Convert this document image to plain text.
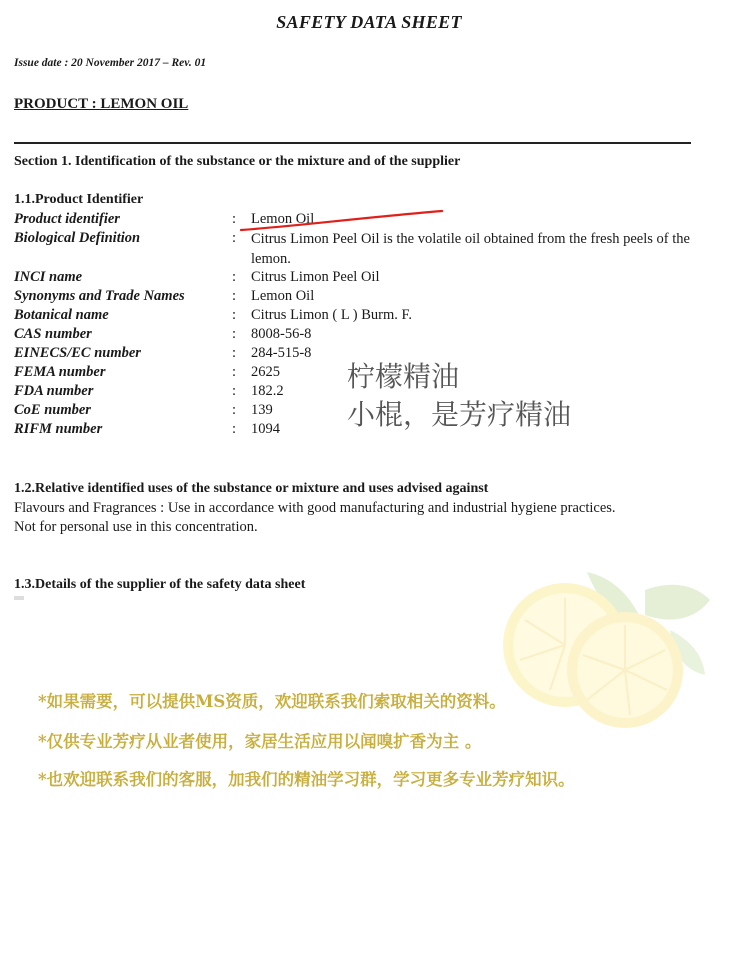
SAFETY DATA SHEET
Issue date : 20 November 2017 – Rev. 01
PRODUCT : LEMON OIL
Section 1. Identification of the substance or the mixture and of the supplier
1.1.Product Identifier
Product identifier	: Lemon Oil
Biological Definition	: Citrus Limon Peel Oil is the volatile oil obtained from the fresh peels of the lemon.
INCI name	: Citrus Limon Peel Oil
Synonyms and Trade Names	: Lemon Oil
Botanical name	: Citrus Limon ( L ) Burm. F.
CAS number	: 8008-56-8
EINECS/EC number	: 284-515-8
FEMA number	: 2625
FDA number	: 182.2
CoE number	: 139
RIFM number	: 1094
柠檬精油
小棍，是芳疗精油
1.2.Relative identified uses of the substance or mixture and uses advised against
Flavours and Fragrances : Use in accordance with good manufacturing and industrial hygiene practices.
Not for personal use in this concentration.
1.3.Details of the supplier of the safety data sheet
*如果需要，可以提供MS资质，欢迎联系我们索取相关的资料。
*仅供专业芳疗从业者使用，家居生活应用以闻嗅扩香为主 。
*也欢迎联系我们的客服，加我们的精油学习群，学习更多专业芳疗知识。
